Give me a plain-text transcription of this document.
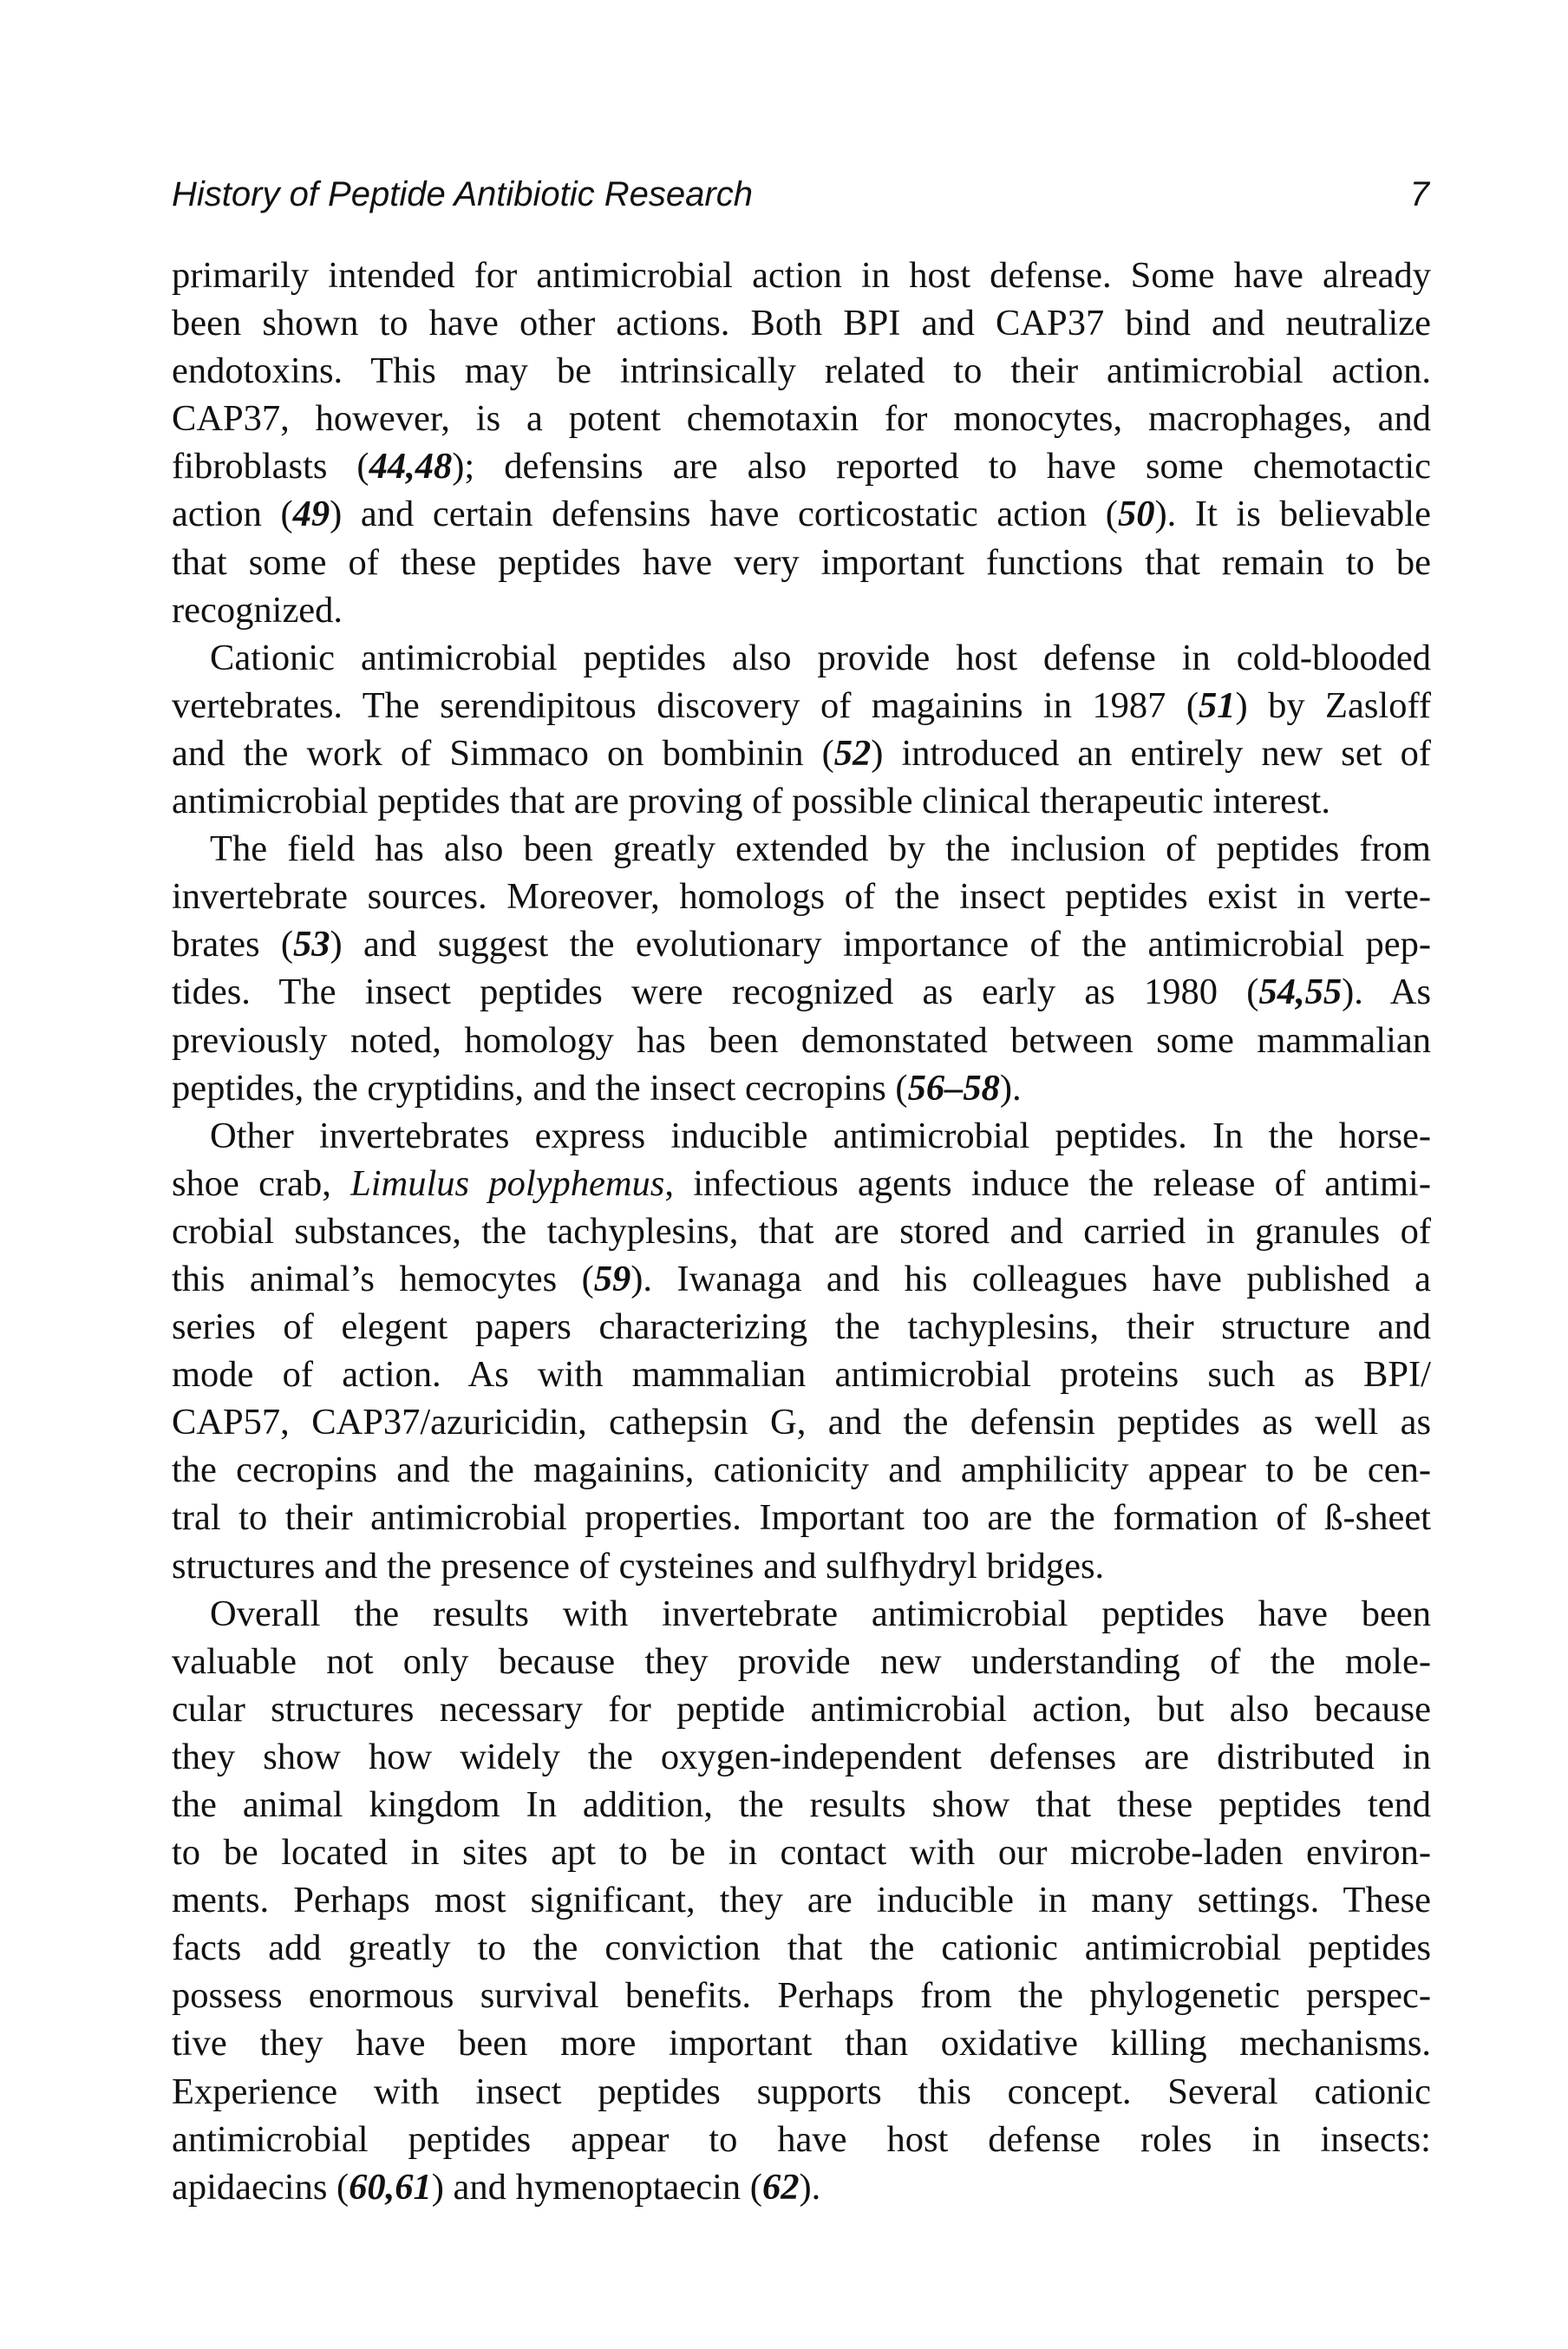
History of Peptide Antibiotic Research	7
primarily intended for antimicrobial action in host defense. Some have already
been shown to have other actions. Both BPI and CAP37 bind and neutralize
endotoxins. This may be intrinsically related to their antimicrobial action.
CAP37, however, is a potent chemotaxin for monocytes, macrophages, and
fibroblasts (44,48); defensins are also reported to have some chemotactic
action (49) and certain defensins have corticostatic action (50). It is believable
that some of these peptides have very important functions that remain to be
recognized.
Cationic antimicrobial peptides also provide host defense in cold-blooded
vertebrates. The serendipitous discovery of magainins in 1987 (51) by Zasloff
and the work of Simmaco on bombinin (52) introduced an entirely new set of
antimicrobial peptides that are proving of possible clinical therapeutic interest.
The field has also been greatly extended by the inclusion of peptides from
invertebrate sources. Moreover, homologs of the insect peptides exist in verte-
brates (53) and suggest the evolutionary importance of the antimicrobial pep-
tides. The insect peptides were recognized as early as 1980 (54,55). As
previously noted, homology has been demonstated between some mammalian
peptides, the cryptidins, and the insect cecropins (56–58).
Other invertebrates express inducible antimicrobial peptides. In the horse-
shoe crab, Limulus polyphemus, infectious agents induce the release of antimi-
crobial substances, the tachyplesins, that are stored and carried in granules of
this animal’s hemocytes (59). Iwanaga and his colleagues have published a
series of elegent papers characterizing the tachyplesins, their structure and
mode of action. As with mammalian antimicrobial proteins such as BPI/
CAP57, CAP37/azuricidin, cathepsin G, and the defensin peptides as well as
the cecropins and the magainins, cationicity and amphilicity appear to be cen-
tral to their antimicrobial properties. Important too are the formation of ß-sheet
structures and the presence of cysteines and sulfhydryl bridges.
Overall the results with invertebrate antimicrobial peptides have been
valuable not only because they provide new understanding of the mole-
cular structures necessary for peptide antimicrobial action, but also because
they show how widely the oxygen-independent defenses are distributed in
the animal kingdom In addition, the results show that these peptides tend
to be located in sites apt to be in contact with our microbe-laden environ-
ments. Perhaps most significant, they are inducible in many settings. These
facts add greatly to the conviction that the cationic antimicrobial peptides
possess enormous survival benefits. Perhaps from the phylogenetic perspec-
tive they have been more important than oxidative killing mechanisms.
Experience with insect peptides supports this concept. Several cationic
antimicrobial peptides appear to have host defense roles in insects:
apidaecins (60,61) and hymenoptaecin (62).
